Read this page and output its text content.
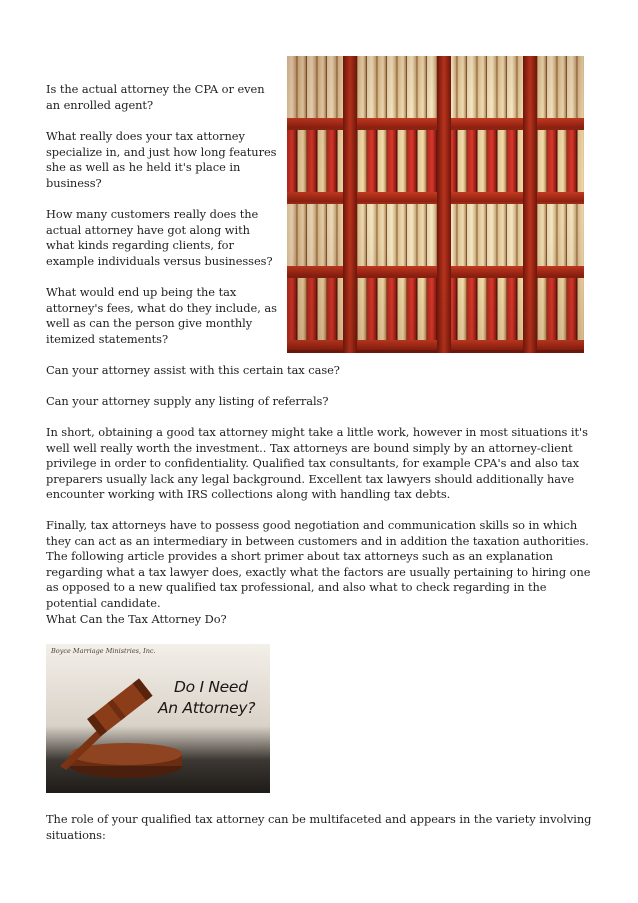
Is the actual attorney the CPA or even an enrolled agent?

What really does your tax attorney specialize in, and just how long features she as well as he held it's place in business?

How many customers really does the actual attorney have got along with what kinds regarding clients, for example individuals versus businesses?

What would end up being the tax attorney's fees, what do they include, as well as can the person give monthly itemized statements?

Can your attorney assist with this certain tax case?

Can your attorney supply any listing of referrals?

In short, obtaining a good tax attorney might take a little work, however in most situations it's well well really worth the investment.. Tax attorneys are bound simply by an attorney-client privilege in order to confidentiality. Qualified tax consultants, for example CPA's and also tax preparers usually lack any legal background. Excellent tax lawyers should additionally have encounter working with IRS collections along with handling tax debts.

Finally, tax attorneys have to possess good negotiation and communication skills so in which they can act as an intermediary in between customers and in addition the taxation authorities. The following article provides a short primer about tax attorneys such as an explanation regarding what a tax lawyer does, exactly what the factors are usually pertaining to hiring one as opposed to a new qualified tax professional, and also what to check regarding in the potential candidate.

What Can the Tax Attorney Do?

Boyce Marriage Ministries, Inc.

Do I Need

An Attorney?

The role of your qualified tax attorney can be multifaceted and appears in the variety involving situations:
